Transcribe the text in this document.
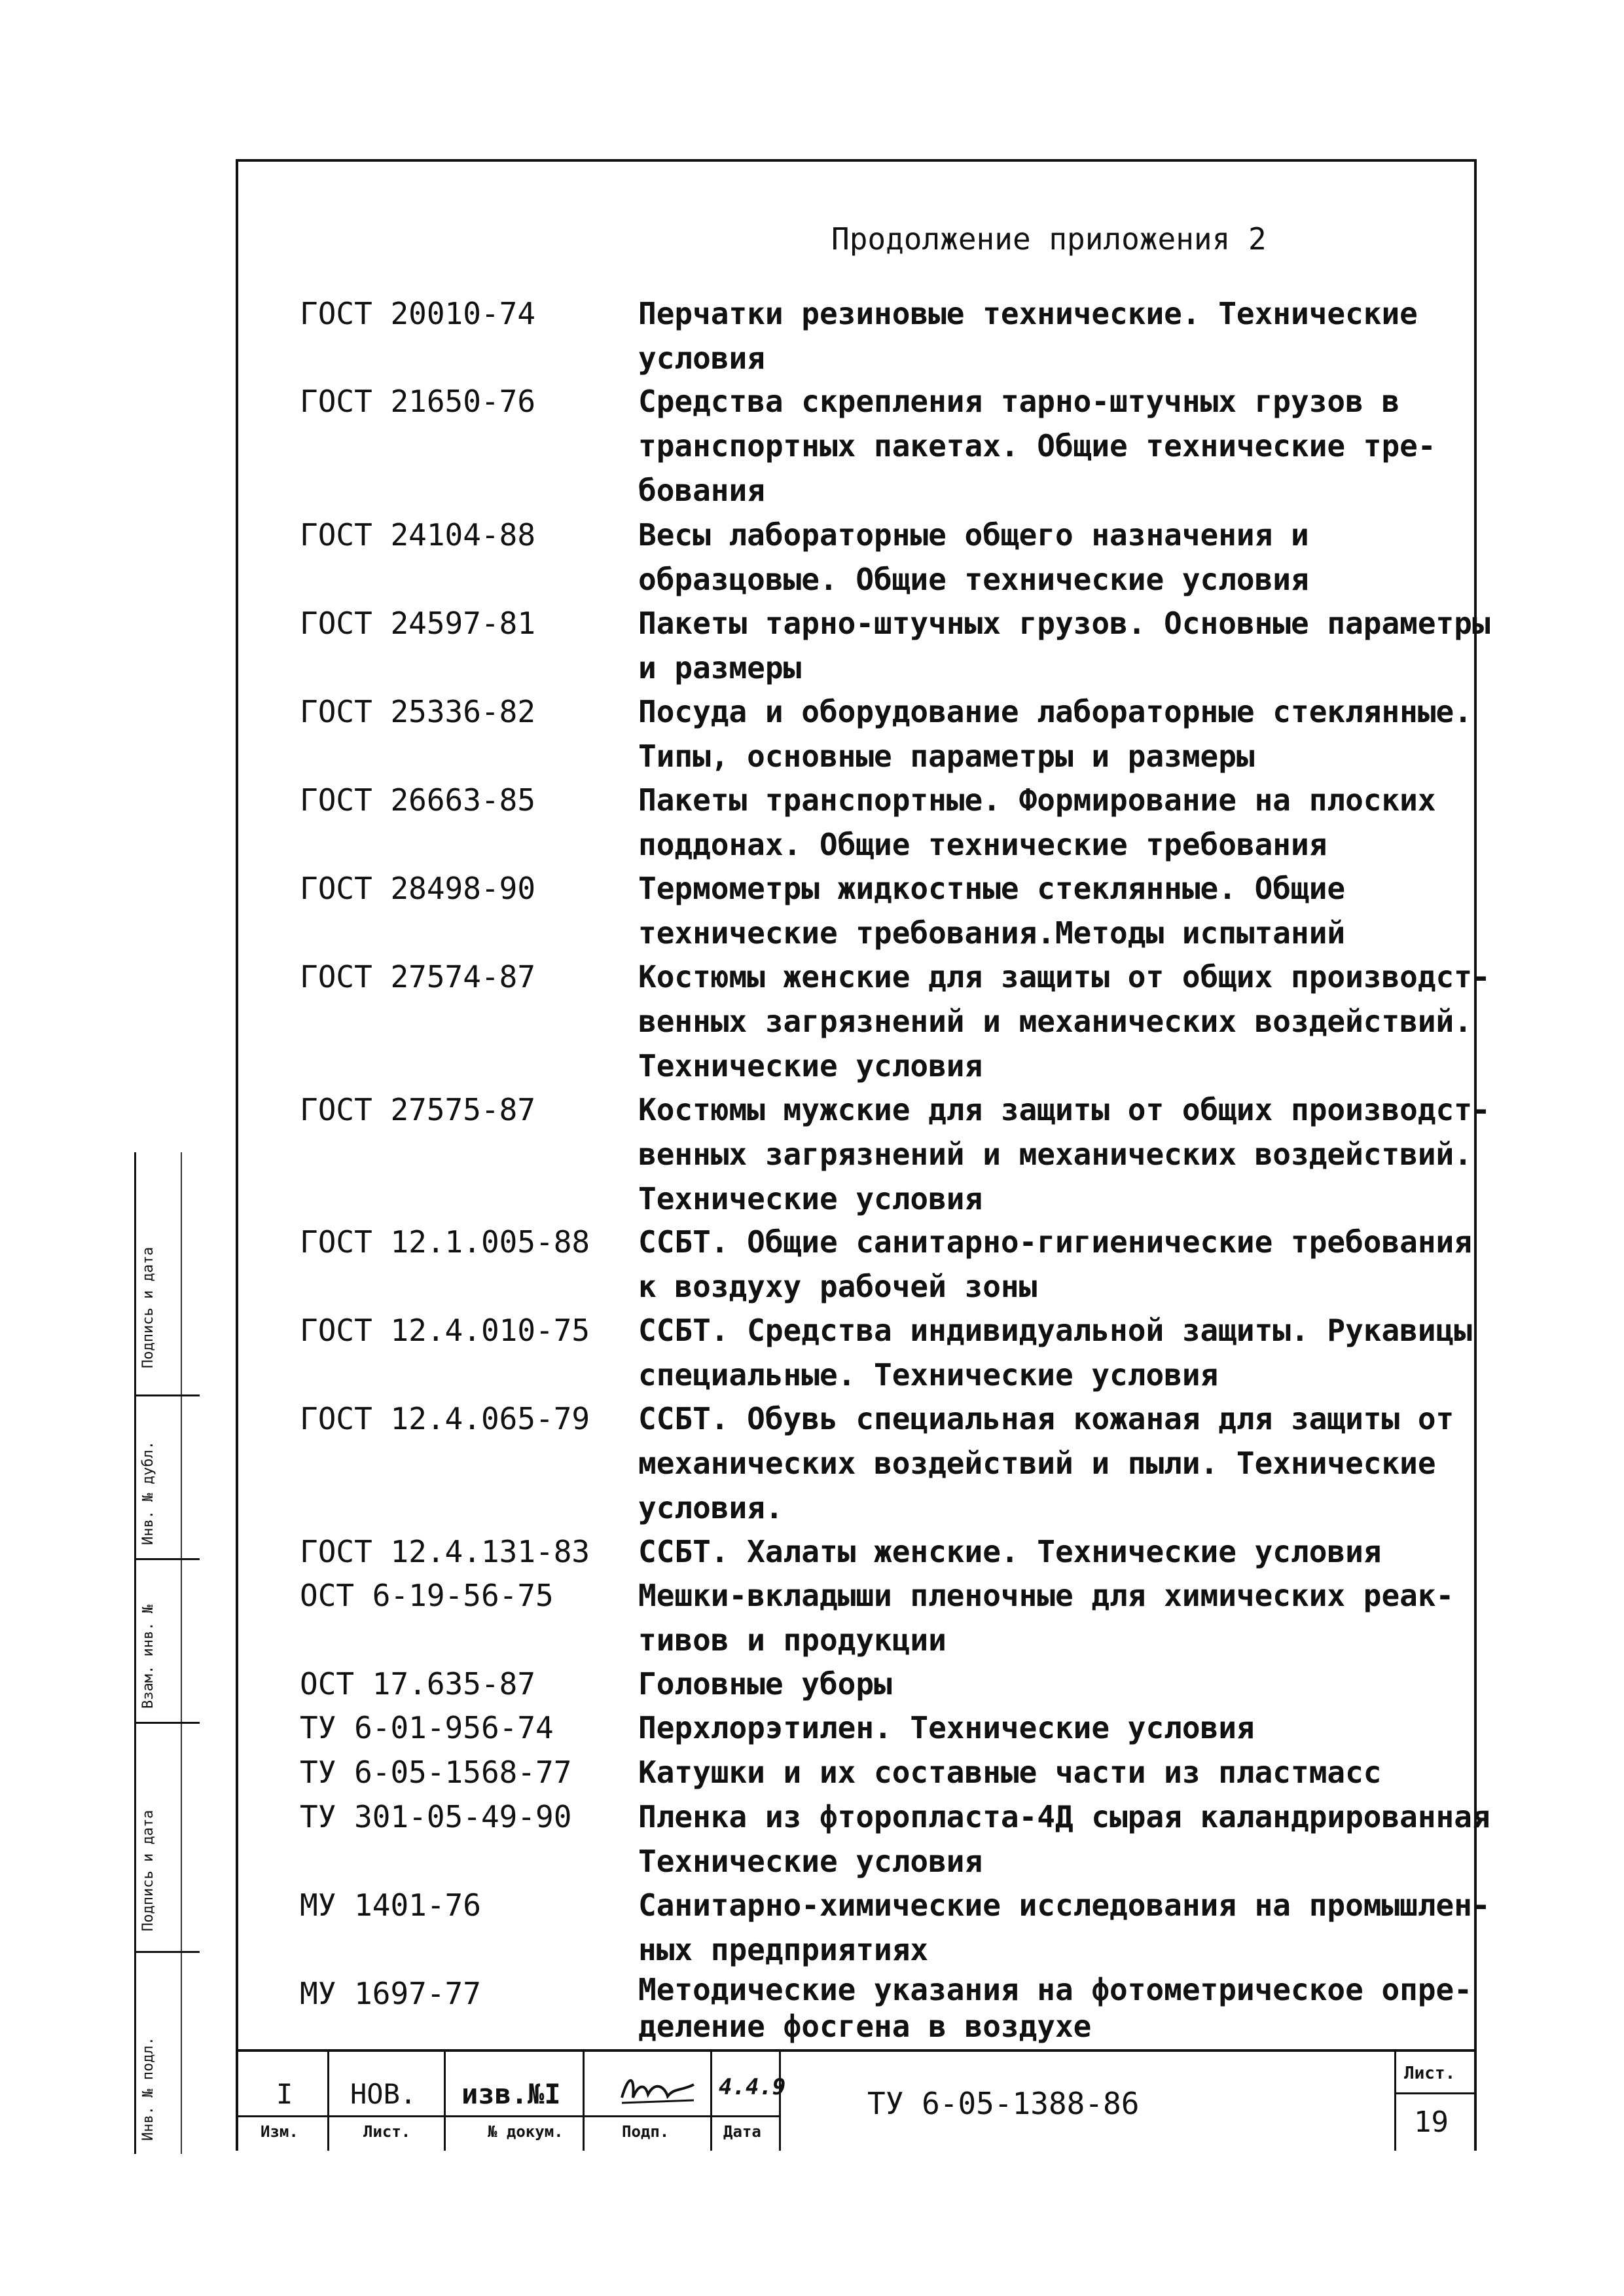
Продолжение приложения 2
ГОСТ 20010-74	Перчатки резиновые технические. Технические условия
ГОСТ 21650-76	Средства скрепления тарно-штучных грузов в транспортных пакетах. Общие технические тре-бования
ГОСТ 24104-88	Весы лабораторные общего назначения и образцовые. Общие технические условия
ГОСТ 24597-81	Пакеты тарно-штучных грузов. Основные параметры и размеры
ГОСТ 25336-82	Посуда и оборудование лабораторные стеклянные. Типы, основные параметры и размеры
ГОСТ 26663-85	Пакеты транспортные. Формирование на плоских поддонах. Общие технические требования
ГОСТ 28498-90	Термометры жидкостные стеклянные. Общие технические требования.Методы испытаний
ГОСТ 27574-87	Костюмы женские для защиты от общих производст-венных загрязнений и механических воздействий. Технические условия
ГОСТ 27575-87	Костюмы мужские для защиты от общих производст-венных загрязнений и механических воздействий. Технические условия
ГОСТ 12.1.005-88 ССБТ. Общие санитарно-гигиенические требования к воздуху рабочей зоны
ГОСТ 12.4.010-75 ССБТ. Средства индивидуальной защиты. Рукавицы специальные. Технические условия
ГОСТ 12.4.065-79 ССБТ. Обувь специальная кожаная для защиты от механических воздействий и пыли. Технические условия.
ГОСТ 12.4.131-83 ССБТ. Халаты женские. Технические условия
ОСТ 6-19-56-75	Мешки-вкладыши пленочные для химических реак-тивов и продукции
ОСТ 17.635-87	Головные уборы
ТУ 6-01-956-74	Перхлорэтилен. Технические условия
ТУ 6-05-1568-77 Катушки и их составные части из пластмасс
ТУ 301-05-49-90 Пленка из фторопласта-4Д сырая каландрированная Технические условия
МУ 1401-76	Санитарно-химические исследования на промышлен-ных предприятиях
МУ 1697-77	Методические указания на фотометрическое опре-деление фосгена в воздухе
I НОВ. изв.№I	4.4.9
Изм.	Лист.	№ докум.	Подп.	Дата
ТУ 6-05-1388-86
Лист.
19
Подпись и дата
Инв. № дубл.
Взам. инв. №
Подпись и дата
Инв. № подл.
